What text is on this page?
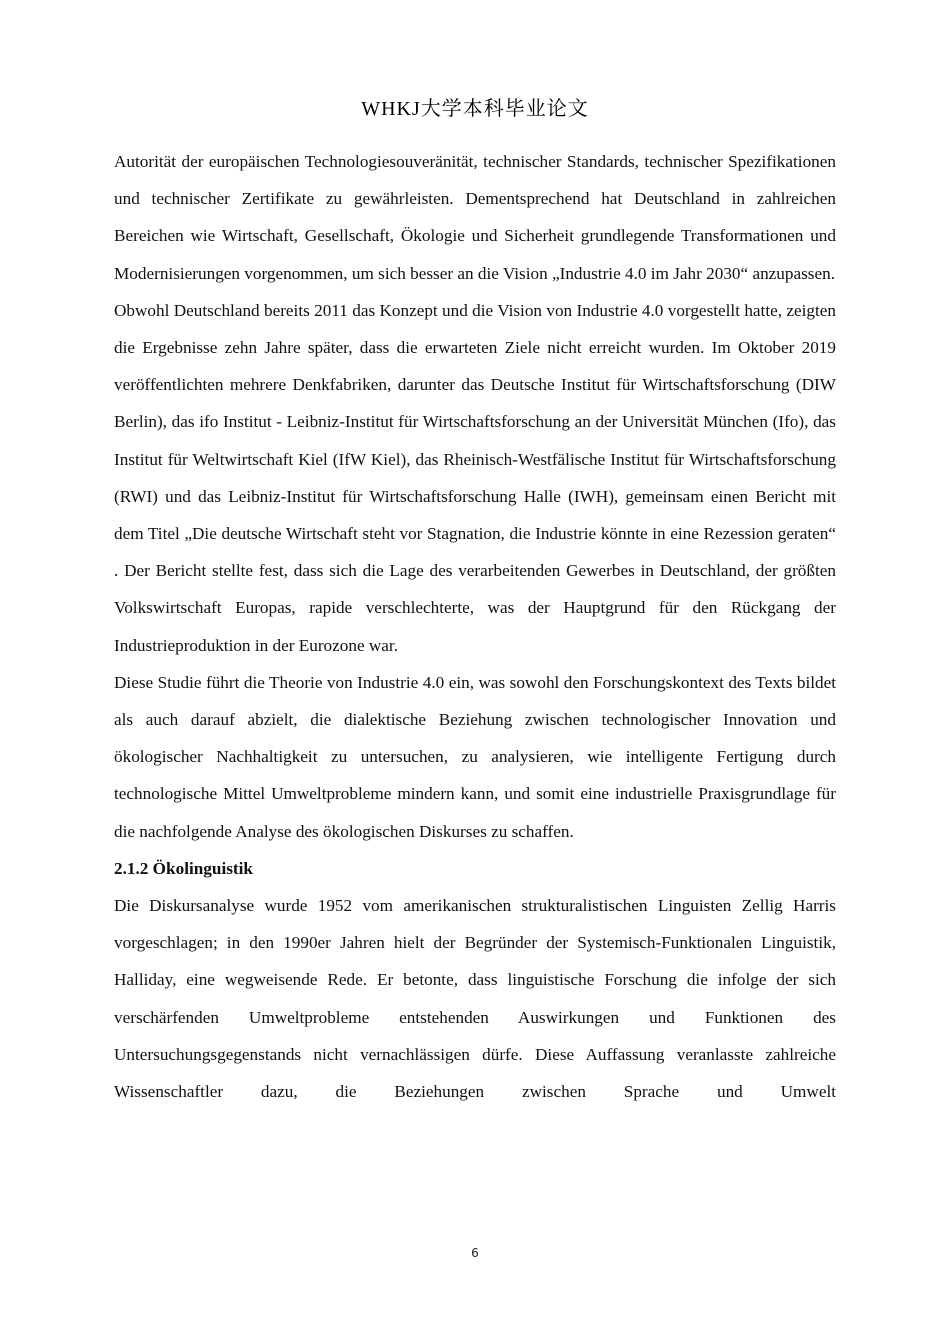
WHKJ大学本科毕业论文

Autorität der europäischen Technologiesouveränität, technischer Standards, technischer Spezifikationen und technischer Zertifikate zu gewährleisten. Dementsprechend hat Deutschland in zahlreichen Bereichen wie Wirtschaft, Gesellschaft, Ökologie und Sicherheit grundlegende Transformationen und Modernisierungen vorgenommen, um sich besser an die Vision „Industrie 4.0 im Jahr 2030“ anzupassen.

Obwohl Deutschland bereits 2011 das Konzept und die Vision von Industrie 4.0 vorgestellt hatte, zeigten die Ergebnisse zehn Jahre später, dass die erwarteten Ziele nicht erreicht wurden. Im Oktober 2019 veröffentlichten mehrere Denkfabriken, darunter das Deutsche Institut für Wirtschaftsforschung (DIW Berlin), das ifo Institut - Leibniz-Institut für Wirtschaftsforschung an der Universität München (Ifo), das Institut für Weltwirtschaft Kiel (IfW Kiel), das Rheinisch-Westfälische Institut für Wirtschaftsforschung (RWI) und das Leibniz-Institut für Wirtschaftsforschung Halle (IWH), gemeinsam einen Bericht mit dem Titel „Die deutsche Wirtschaft steht vor Stagnation, die Industrie könnte in eine Rezession geraten“ . Der Bericht stellte fest, dass sich die Lage des verarbeitenden Gewerbes in Deutschland, der größten Volkswirtschaft Europas, rapide verschlechterte, was der Hauptgrund für den Rückgang der Industrieproduktion in der Eurozone war.

Diese Studie führt die Theorie von Industrie 4.0 ein, was sowohl den Forschungskontext des Texts bildet als auch darauf abzielt, die dialektische Beziehung zwischen technologischer Innovation und ökologischer Nachhaltigkeit zu untersuchen, zu analysieren, wie intelligente Fertigung durch technologische Mittel Umweltprobleme mindern kann, und somit eine industrielle Praxisgrundlage für die nachfolgende Analyse des ökologischen Diskurses zu schaffen.

2.1.2 Ökolinguistik

Die Diskursanalyse wurde 1952 vom amerikanischen strukturalistischen Linguisten Zellig Harris vorgeschlagen; in den 1990er Jahren hielt der Begründer der Systemisch-Funktionalen Linguistik, Halliday, eine wegweisende Rede. Er betonte, dass linguistische Forschung die infolge der sich verschärfenden Umweltprobleme entstehenden Auswirkungen und Funktionen des Untersuchungsgegenstands nicht vernachlässigen dürfe. Diese Auffassung veranlasste zahlreiche Wissenschaftler dazu, die Beziehungen zwischen Sprache und Umwelt

6
